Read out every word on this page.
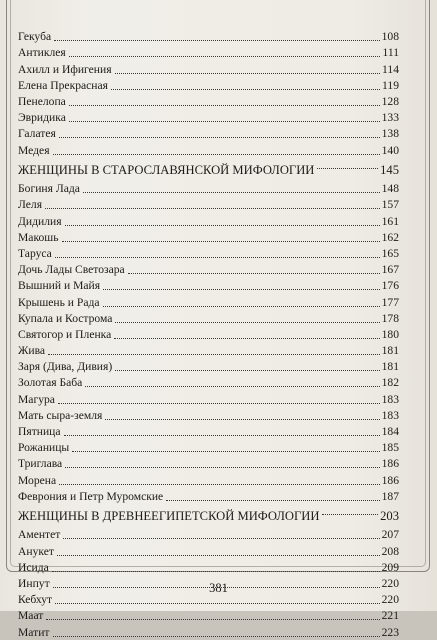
Гекуба	108
Антиклея	111
Ахилл и Ифигения	114
Елена Прекрасная	119
Пенелопа	128
Эвридика	133
Галатея	138
Медея	140
ЖЕНЩИНЫ В СТАРОСЛАВЯНСКОЙ МИФОЛОГИИ	145
Богиня Лада	148
Леля	157
Дидилия	161
Макошь	162
Таруса	165
Дочь Лады Светозара	167
Вышний и Майя	176
Крышень и Рада	177
Купала и Кострома	178
Святогор и Пленка	180
Жива	181
Заря (Дива, Дивия)	181
Золотая Баба	182
Магура	183
Мать сыра-земля	183
Пятница	184
Рожаницы	185
Триглава	186
Морена	186
Феврония и Петр Муромские	187
ЖЕНЩИНЫ В ДРЕВНЕЕГИПЕТСКОЙ МИФОЛОГИИ	203
Аментет	207
Анукет	208
Исида	209
Инпут	220
Кебхут	220
Маат	221
Матит	223
381
